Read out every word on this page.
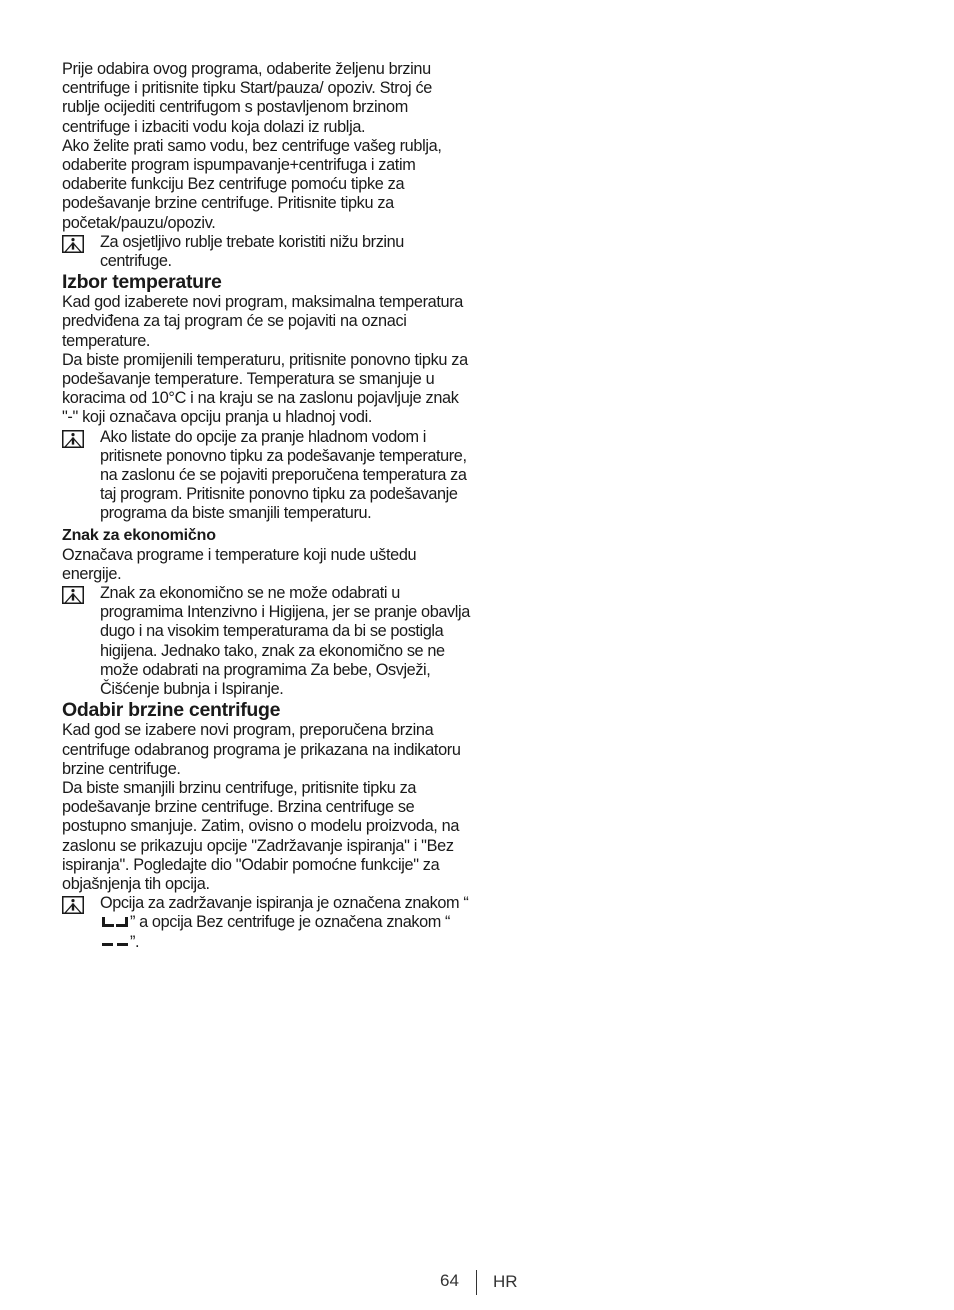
Prije odabira ovog programa, odaberite željenu brzinu centrifuge i pritisnite tipku Start/pauza/ opoziv. Stroj će rublje ocijediti centrifugom s postavljenom brzinom centrifuge i izbaciti vodu koja dolazi iz rublja.

Ako želite prati samo vodu, bez centrifuge vašeg rublja, odaberite program ispumpavanje+centrifuga i zatim odaberite funkciju Bez centrifuge pomoću tipke za podešavanje brzine centrifuge. Pritisnite tipku za početak/pauzu/opoziv.

Za osjetljivo rublje trebate koristiti nižu brzinu centrifuge.

Izbor temperature

Kad god izaberete novi program, maksimalna temperatura predviđena za taj program će se pojaviti na oznaci temperature.

Da biste promijenili temperaturu, pritisnite ponovno tipku za podešavanje temperature. Temperatura se smanjuje u koracima od 10°C i na kraju se na zaslonu pojavljuje znak "-" koji označava opciju pranja u hladnoj vodi.

Ako listate do opcije za pranje hladnom vodom i pritisnete ponovno tipku za podešavanje temperature, na zaslonu će se pojaviti preporučena temperatura za taj program. Pritisnite ponovno tipku za podešavanje programa da biste smanjili temperaturu.

Znak za ekonomično

Označava programe i temperature koji nude uštedu energije.

Znak za ekonomično se ne može odabrati u programima Intenzivno i Higijena, jer se pranje obavlja dugo i na visokim temperaturama da bi se postigla higijena. Jednako tako, znak za ekonomično se ne može odabrati na programima Za bebe, Osvježi, Čišćenje bubnja i Ispiranje.

Odabir brzine centrifuge

Kad god se izabere novi program, preporučena brzina centrifuge odabranog programa je prikazana na indikatoru brzine centrifuge.

Da biste smanjili brzinu centrifuge, pritisnite tipku za podešavanje brzine centrifuge. Brzina centrifuge se postupno smanjuje. Zatim, ovisno o modelu proizvoda, na zaslonu se prikazuju opcije "Zadržavanje ispiranja" i "Bez ispiranja". Pogledajte dio "Odabir pomoćne funkcije" za objašnjenja tih opcija.

Opcija za zadržavanje ispiranja je označena znakom “” a opcija Bez centrifuge je označena znakom “”.

64 HR
